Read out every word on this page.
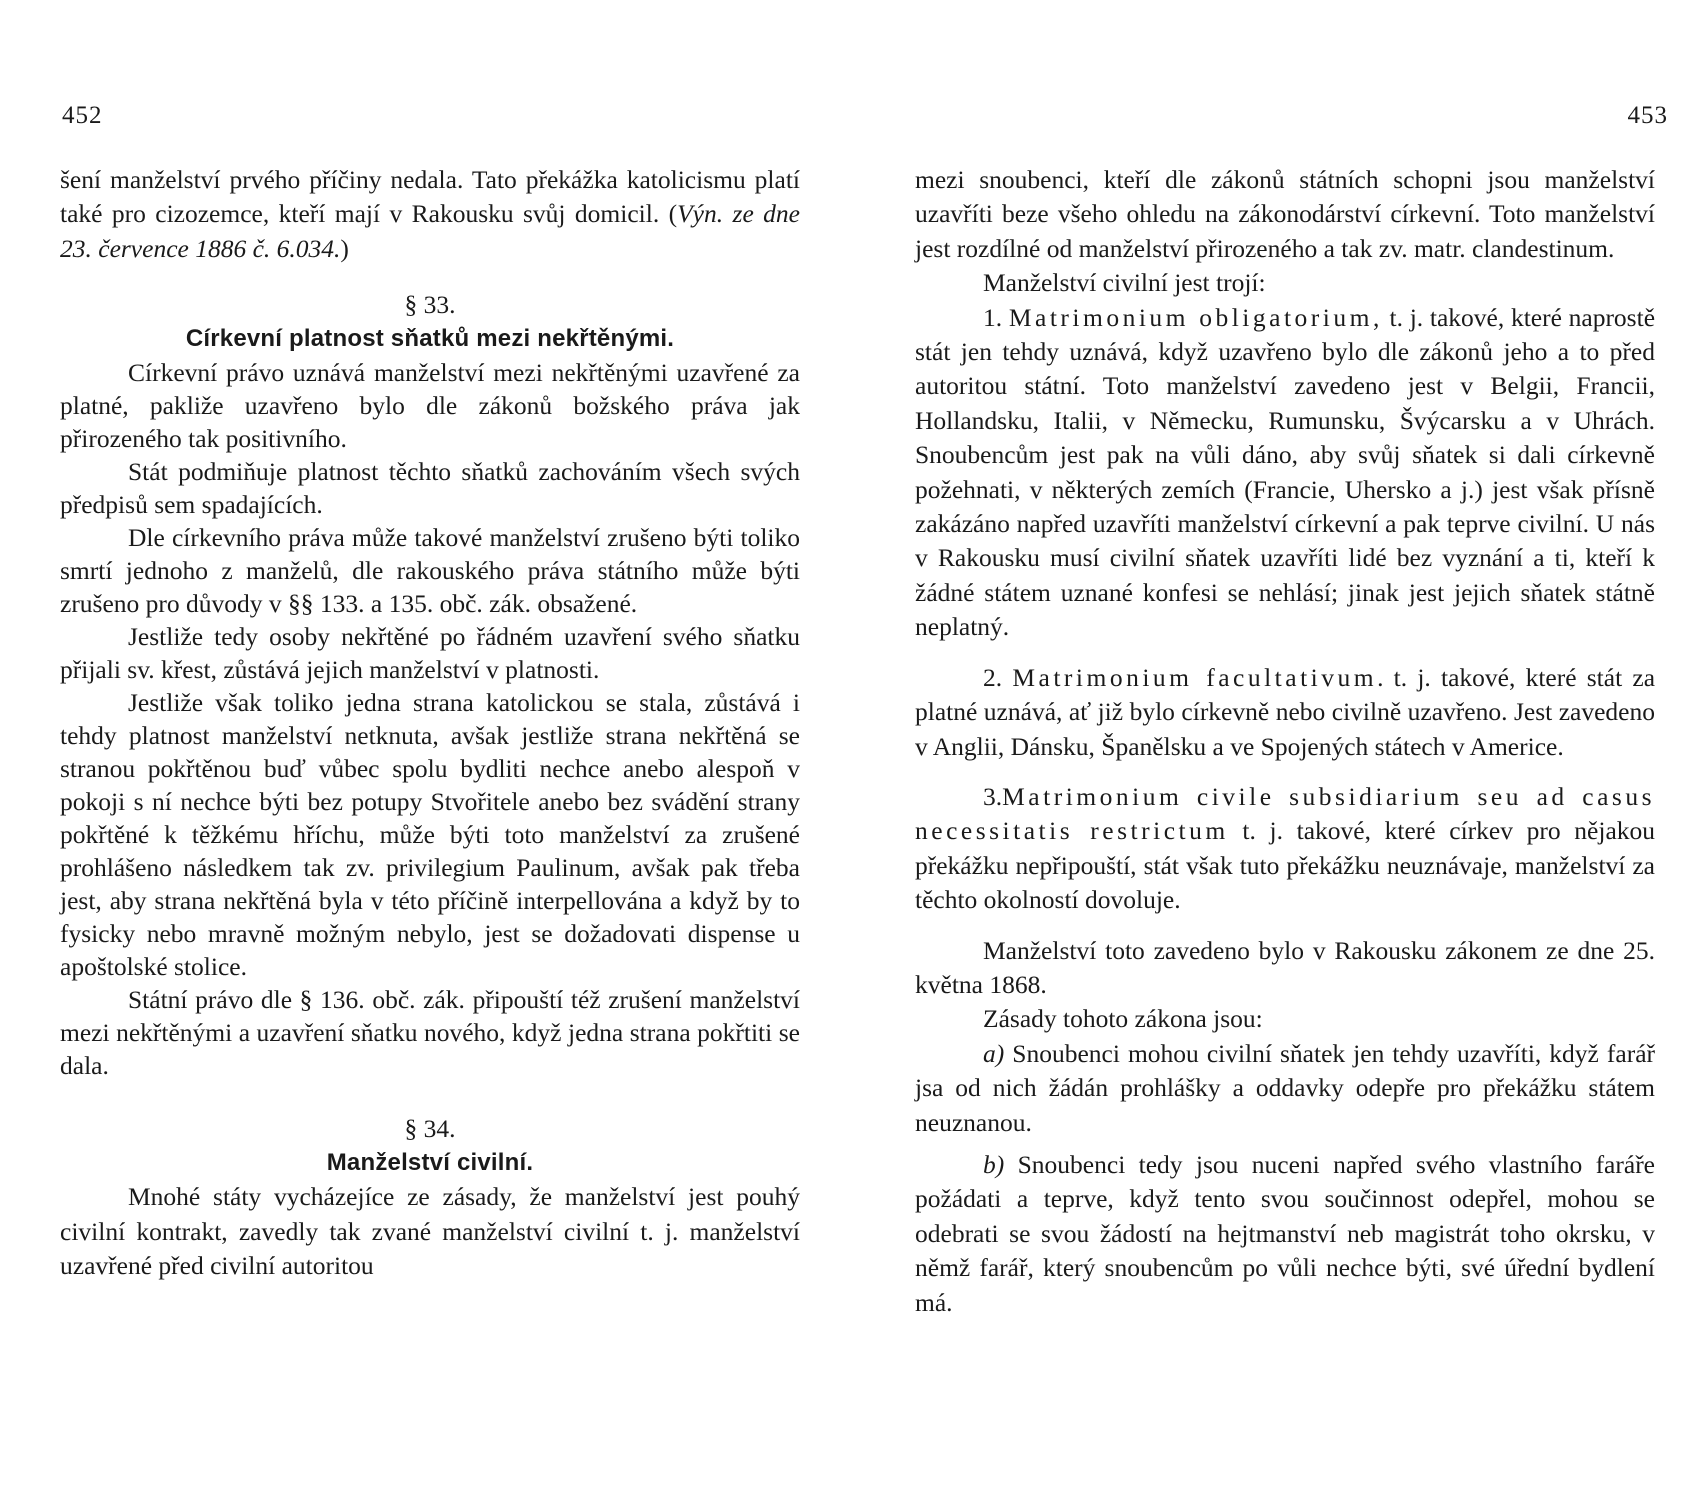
452

šení manželství prvého příčiny nedala. Tato překážka katolicismu platí také pro cizozemce, kteří mají v Rakousku svůj domicil. (Výn. ze dne 23. července 1886 č. 6.034.)

§ 33.
Církevní platnost sňatků mezi nekřtěnými.

Církevní právo uznává manželství mezi nekřtěnými uzavřené za platné, pakliže uzavřeno bylo dle zákonů božského práva jak přirozeného tak positivního.

Stát podmiňuje platnost těchto sňatků zachováním všech svých předpisů sem spadajících.

Dle církevního práva může takové manželství zrušeno býti toliko smrtí jednoho z manželů, dle rakouského práva státního může býti zrušeno pro důvody v §§ 133. a 135. obč. zák. obsažené.

Jestliže tedy osoby nekřtěné po řádném uzavření svého sňatku přijali sv. křest, zůstává jejich manželství v platnosti.

Jestliže však toliko jedna strana katolickou se stala, zůstává i tehdy platnost manželství netknuta, avšak jestliže strana nekřtěná se stranou pokřtěnou buď vůbec spolu bydliti nechce anebo alespoň v pokoji s ní nechce býti bez potupy Stvořitele anebo bez svádění strany pokřtěné k těžkému hříchu, může býti toto manželství za zrušené prohlášeno následkem tak zv. privilegium Paulinum, avšak pak třeba jest, aby strana nekřtěná byla v této příčině interpellována a když by to fysicky nebo mravně možným nebylo, jest se dožadovati dispense u apoštolské stolice.

Státní právo dle § 136. obč. zák. připouští též zrušení manželství mezi nekřtěnými a uzavření sňatku nového, když jedna strana pokřtiti se dala.

§ 34.
Manželství civilní.

Mnohé státy vycházejíce ze zásady, že manželství jest pouhý civilní kontrakt, zavedly tak zvané manželství civilní t. j. manželství uzavřené před civilní autoritou

453

mezi snoubenci, kteří dle zákonů státních schopni jsou manželství uzavříti beze všeho ohledu na zákonodárství církevní. Toto manželství jest rozdílné od manželství přirozeného a tak zv. matr. clandestinum.

Manželství civilní jest trojí:

1. Matrimonium obligatorium, t. j. takové, které naprostě stát jen tehdy uznává, když uzavřeno bylo dle zákonů jeho a to před autoritou státní. Toto manželství zavedeno jest v Belgii, Francii, Hollandsku, Italii, v Německu, Rumunsku, Švýcarsku a v Uhrách. Snoubencům jest pak na vůli dáno, aby svůj sňatek si dali církevně požehnati, v některých zemích (Francie, Uhersko a j.) jest však přísně zakázáno napřed uzavříti manželství církevní a pak teprve civilní. U nás v Rakousku musí civilní sňatek uzavříti lidé bez vyznání a ti, kteří k žádné státem uznané konfesi se nehlásí; jinak jest jejich sňatek státně neplatný.

2. Matrimonium facultativum. t. j. takové, které stát za platné uznává, ať již bylo církevně nebo civilně uzavřeno. Jest zavedeno v Anglii, Dánsku, Španělsku a ve Spojených státech v Americe.

3.Matrimonium civile subsidiarium seu ad casus necessitatis restrictum t. j. takové, které církev pro nějakou překážku nepřipouští, stát však tuto překážku neuznávaje, manželství za těchto okolností dovoluje.

Manželství toto zavedeno bylo v Rakousku zákonem ze dne 25. května 1868.

Zásady tohoto zákona jsou:

a) Snoubenci mohou civilní sňatek jen tehdy uzavříti, když farář jsa od nich žádán prohlášky a oddavky odepře pro překážku státem neuznanou.

b) Snoubenci tedy jsou nuceni napřed svého vlastního faráře požádati a teprve, když tento svou součinnost odepřel, mohou se odebrati se svou žádostí na hejtmanství neb magistrát toho okrsku, v němž farář, který snoubencům po vůli nechce býti, své úřední bydlení má.
